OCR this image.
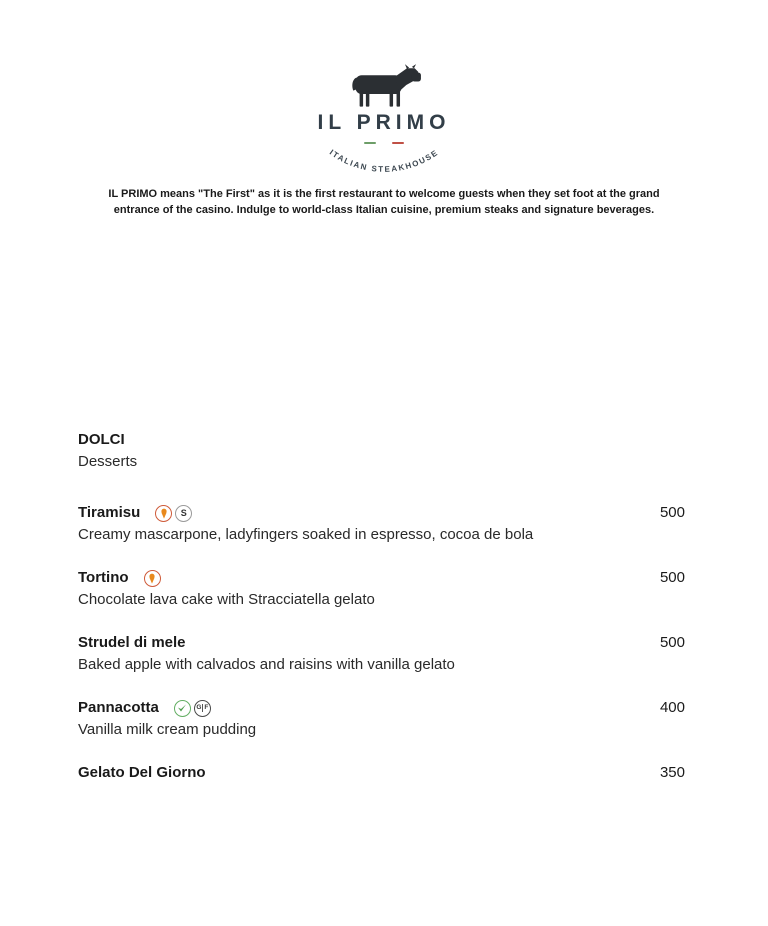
IL PRIMO
ITALIAN STEAKHOUSE

IL PRIMO means "The First" as it is the first restaurant to welcome guests when they set foot at the grand entrance of the casino. Indulge to world-class Italian cuisine, premium steaks and signature beverages.

DOLCI
Desserts
Tiramisu	S	500
Creamy mascarpone, ladyfingers soaked in espresso, cocoa de bola
Tortino	500
Chocolate lava cake with Stracciatella gelato
Strudel di mele	500
Baked apple with calvados and raisins with vanilla gelato
Pannacotta	G F	400
Vanilla milk cream pudding
Gelato Del Giorno	350
